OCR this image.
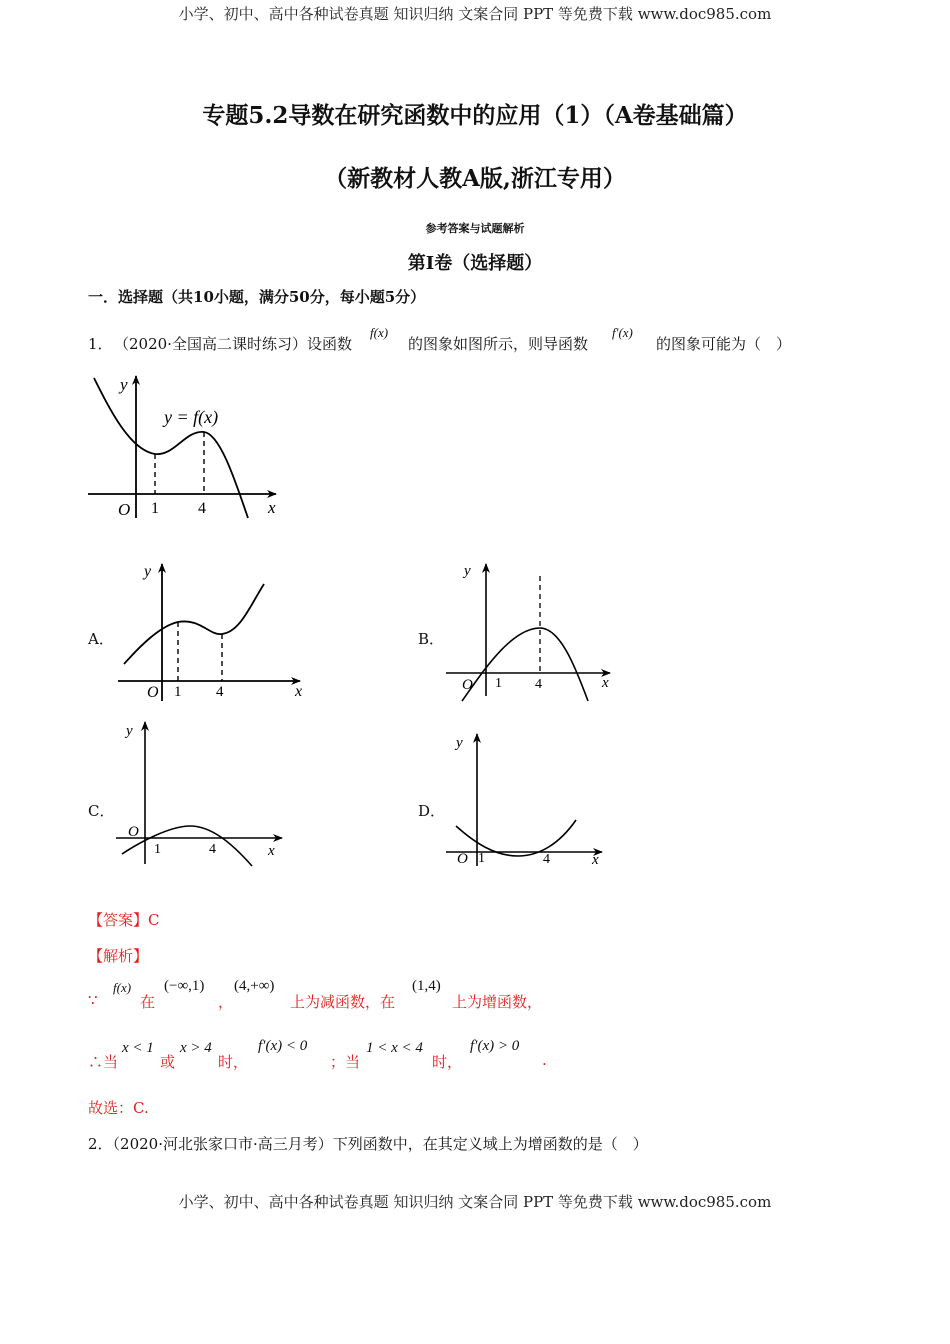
小学、初中、高中各种试卷真题 知识归纳 文案合同 PPT 等免费下载 www.doc985.com
专题5.2导数在研究函数中的应用（1）（A卷基础篇）
（新教材人教A版,浙江专用）
参考答案与试题解析
第Ⅰ卷（选择题）
一．选择题（共10小题，满分50分，每小题5分）
1． （2020·全国高二课时练习）设函数
f(x)
的图象如图所示，则导函数
f′(x)
的图象可能为（　）
y
O 1 4	x
y = f(x)
A．
y
O 1 4	x
B．
y
O 1 4	x
C．
y
O
1	4	x
D．
y
O 1	4	x
【答案】C
【解析】
∵
f(x)
在
(−∞,1)
，
(4,+∞)
上为减函数，在
(1,4)
上为增函数，
∴当
x < 1
或
x > 4
时，
f′(x) < 0
；当
1 < x < 4
时，
f′(x) > 0
.
故选：C.
2．（2020·河北张家口市·高三月考）下列函数中，在其定义域上为增函数的是（　）
小学、初中、高中各种试卷真题 知识归纳 文案合同 PPT 等免费下载 www.doc985.com
